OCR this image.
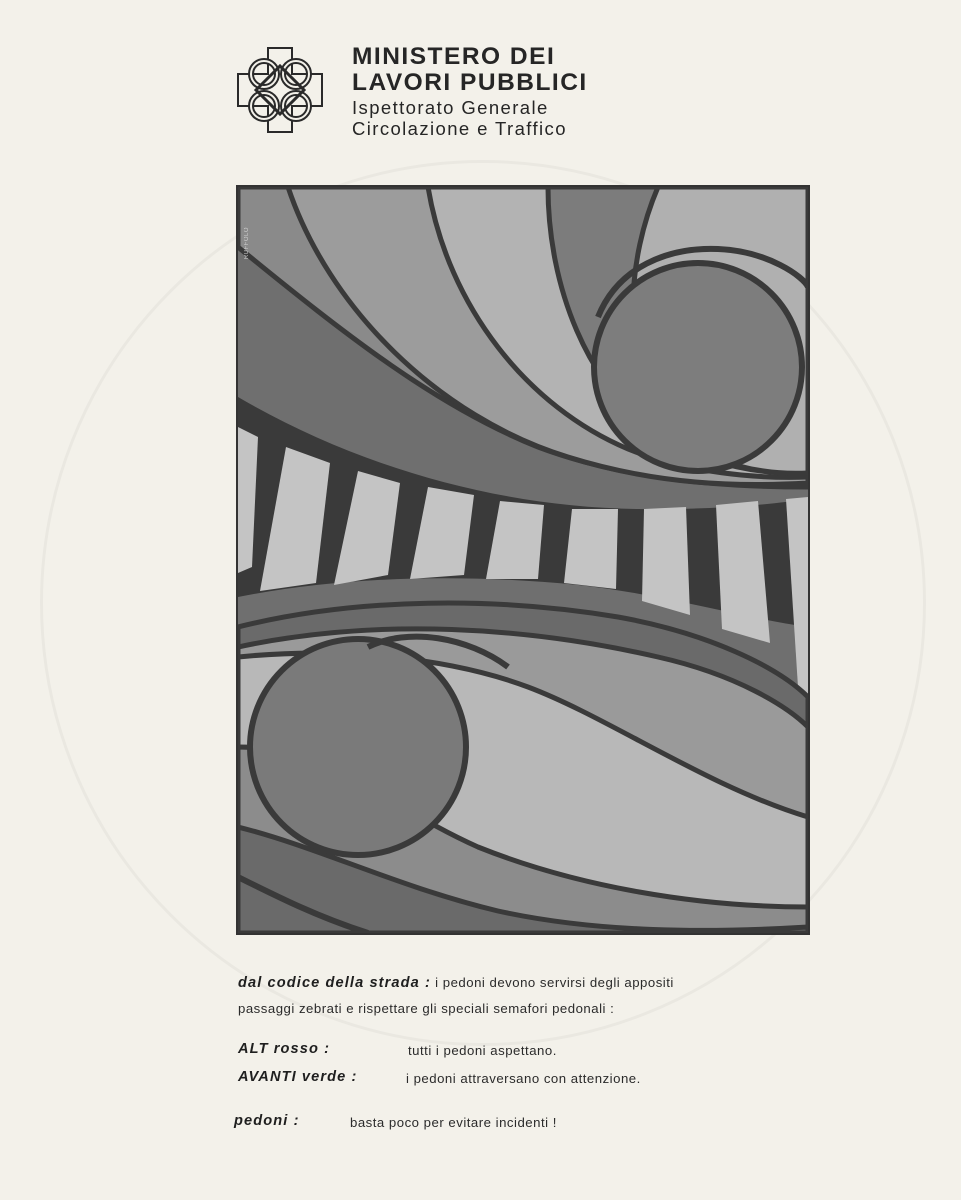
MINISTERO DEI
LAVORI PUBBLICI
Ispettorato Generale
Circolazione e Traffico
RUFFOLO
dal codice della strada : i pedoni devono servirsi degli appositi
passaggi zebrati e rispettare gli speciali semafori pedonali :
ALT rosso :	tutti i pedoni aspettano.
AVANTI verde :	i pedoni attraversano con attenzione.
pedoni :	basta poco per evitare incidenti !
